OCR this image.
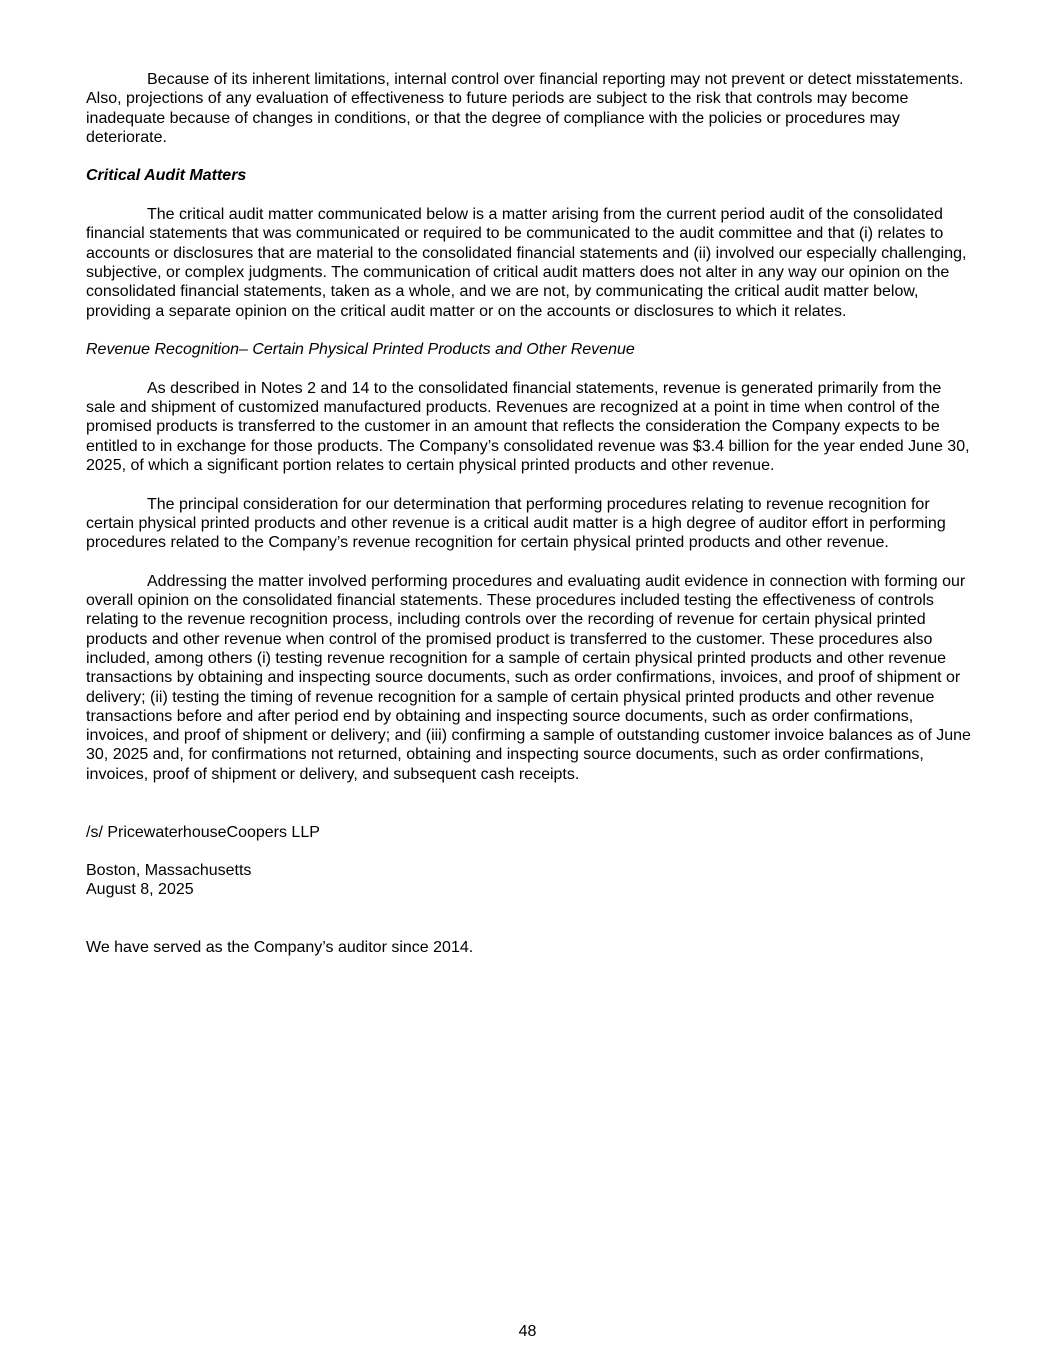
Because of its inherent limitations, internal control over financial reporting may not prevent or detect misstatements. Also, projections of any evaluation of effectiveness to future periods are subject to the risk that controls may become inadequate because of changes in conditions, or that the degree of compliance with the policies or procedures may deteriorate.

Critical Audit Matters

The critical audit matter communicated below is a matter arising from the current period audit of the consolidated financial statements that was communicated or required to be communicated to the audit committee and that (i) relates to accounts or disclosures that are material to the consolidated financial statements and (ii) involved our especially challenging, subjective, or complex judgments. The communication of critical audit matters does not alter in any way our opinion on the consolidated financial statements, taken as a whole, and we are not, by communicating the critical audit matter below, providing a separate opinion on the critical audit matter or on the accounts or disclosures to which it relates.

Revenue Recognition– Certain Physical Printed Products and Other Revenue

As described in Notes 2 and 14 to the consolidated financial statements, revenue is generated primarily from the sale and shipment of customized manufactured products. Revenues are recognized at a point in time when control of the promised products is transferred to the customer in an amount that reflects the consideration the Company expects to be entitled to in exchange for those products. The Company’s consolidated revenue was $3.4 billion for the year ended June 30, 2025, of which a significant portion relates to certain physical printed products and other revenue.

The principal consideration for our determination that performing procedures relating to revenue recognition for certain physical printed products and other revenue is a critical audit matter is a high degree of auditor effort in performing procedures related to the Company’s revenue recognition for certain physical printed products and other revenue.

Addressing the matter involved performing procedures and evaluating audit evidence in connection with forming our overall opinion on the consolidated financial statements. These procedures included testing the effectiveness of controls relating to the revenue recognition process, including controls over the recording of revenue for certain physical printed products and other revenue when control of the promised product is transferred to the customer. These procedures also included, among others (i) testing revenue recognition for a sample of certain physical printed products and other revenue transactions by obtaining and inspecting source documents, such as order confirmations, invoices, and proof of shipment or delivery; (ii) testing the timing of revenue recognition for a sample of certain physical printed products and other revenue transactions before and after period end by obtaining and inspecting source documents, such as order confirmations, invoices, and proof of shipment or delivery; and (iii) confirming a sample of outstanding customer invoice balances as of June 30, 2025 and, for confirmations not returned, obtaining and inspecting source documents, such as order confirmations, invoices, proof of shipment or delivery, and subsequent cash receipts.

/s/ PricewaterhouseCoopers LLP

Boston, Massachusetts

August 8, 2025

We have served as the Company’s auditor since 2014.

48
